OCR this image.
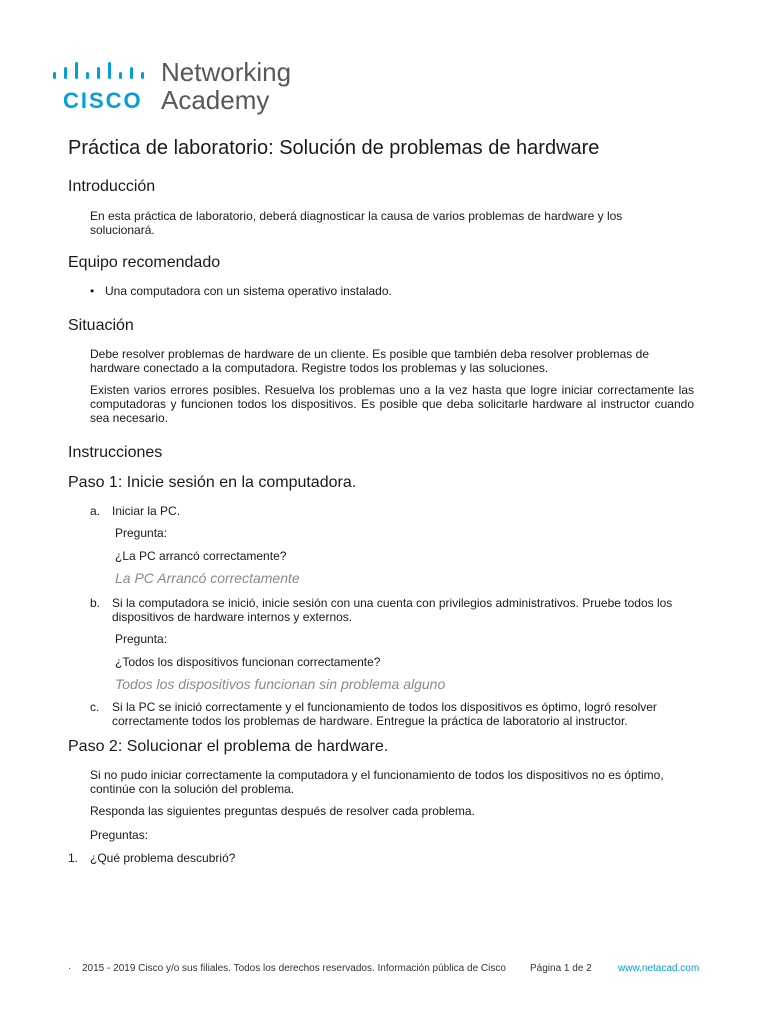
CISCO
Networking
Academy
Práctica de laboratorio: Solución de problemas de hardware
Introducción

En esta práctica de laboratorio, deberá diagnosticar la causa de varios problemas de hardware y los solucionará.

Equipo recomendado
• Una computadora con un sistema operativo instalado.
Situación

Debe resolver problemas de hardware de un cliente. Es posible que también deba resolver problemas de hardware conectado a la computadora. Registre todos los problemas y las soluciones.

Existen varios errores posibles. Resuelva los problemas uno a la vez hasta que logre iniciar correctamente las computadoras y funcionen todos los dispositivos. Es posible que deba solicitarle hardware al instructor cuando sea necesario.

Instrucciones
Paso 1: Inicie sesión en la computadora.
a. Iniciar la PC.
Pregunta:
¿La PC arrancó correctamente?
La PC Arrancó correctamente
b. Si la computadora se inició, inicie sesión con una cuenta con privilegios administrativos. Pruebe todos los dispositivos de hardware internos y externos.

Pregunta:
¿Todos los dispositivos funcionan correctamente?
Todos los dispositivos funcionan sin problema alguno
c. Si la PC se inició correctamente y el funcionamiento de todos los dispositivos es óptimo, logró resolver correctamente todos los problemas de hardware. Entregue la práctica de laboratorio al instructor.

Paso 2: Solucionar el problema de hardware.

Si no pudo iniciar correctamente la computadora y el funcionamiento de todos los dispositivos no es óptimo, continúe con la solución del problema.

Responda las siguientes preguntas después de resolver cada problema.

Preguntas:
1. ¿Qué problema descubrió?
· 2015 - 2019 Cisco y/o sus filiales. Todos los derechos reservados. Información pública de Cisco Página 1 de 2	www.netacad.com
